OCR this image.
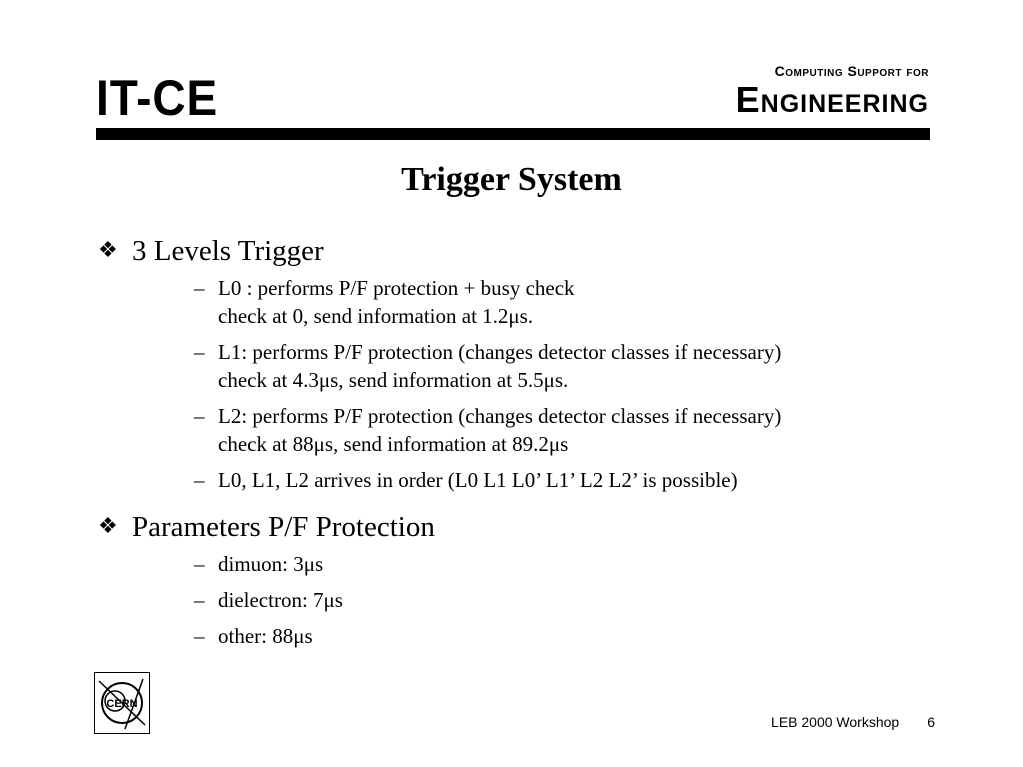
IT-CE	Computing Support for
Engineering
Trigger System
❖ 3 Levels Trigger
– L0 : performs P/F protection + busy check
check at 0, send information at 1.2μs.
– L1: performs P/F protection (changes detector classes if necessary)
check at 4.3μs, send information at 5.5μs.
– L2: performs P/F protection (changes detector classes if necessary)
check at 88μs, send information at 89.2μs
– L0, L1, L2 arrives in order (L0 L1 L0’ L1’ L2 L2’ is possible)
❖ Parameters P/F Protection
– dimuon: 3μs
– dielectron: 7μs
– other: 88μs
CERN
LEB 2000 Workshop 6
